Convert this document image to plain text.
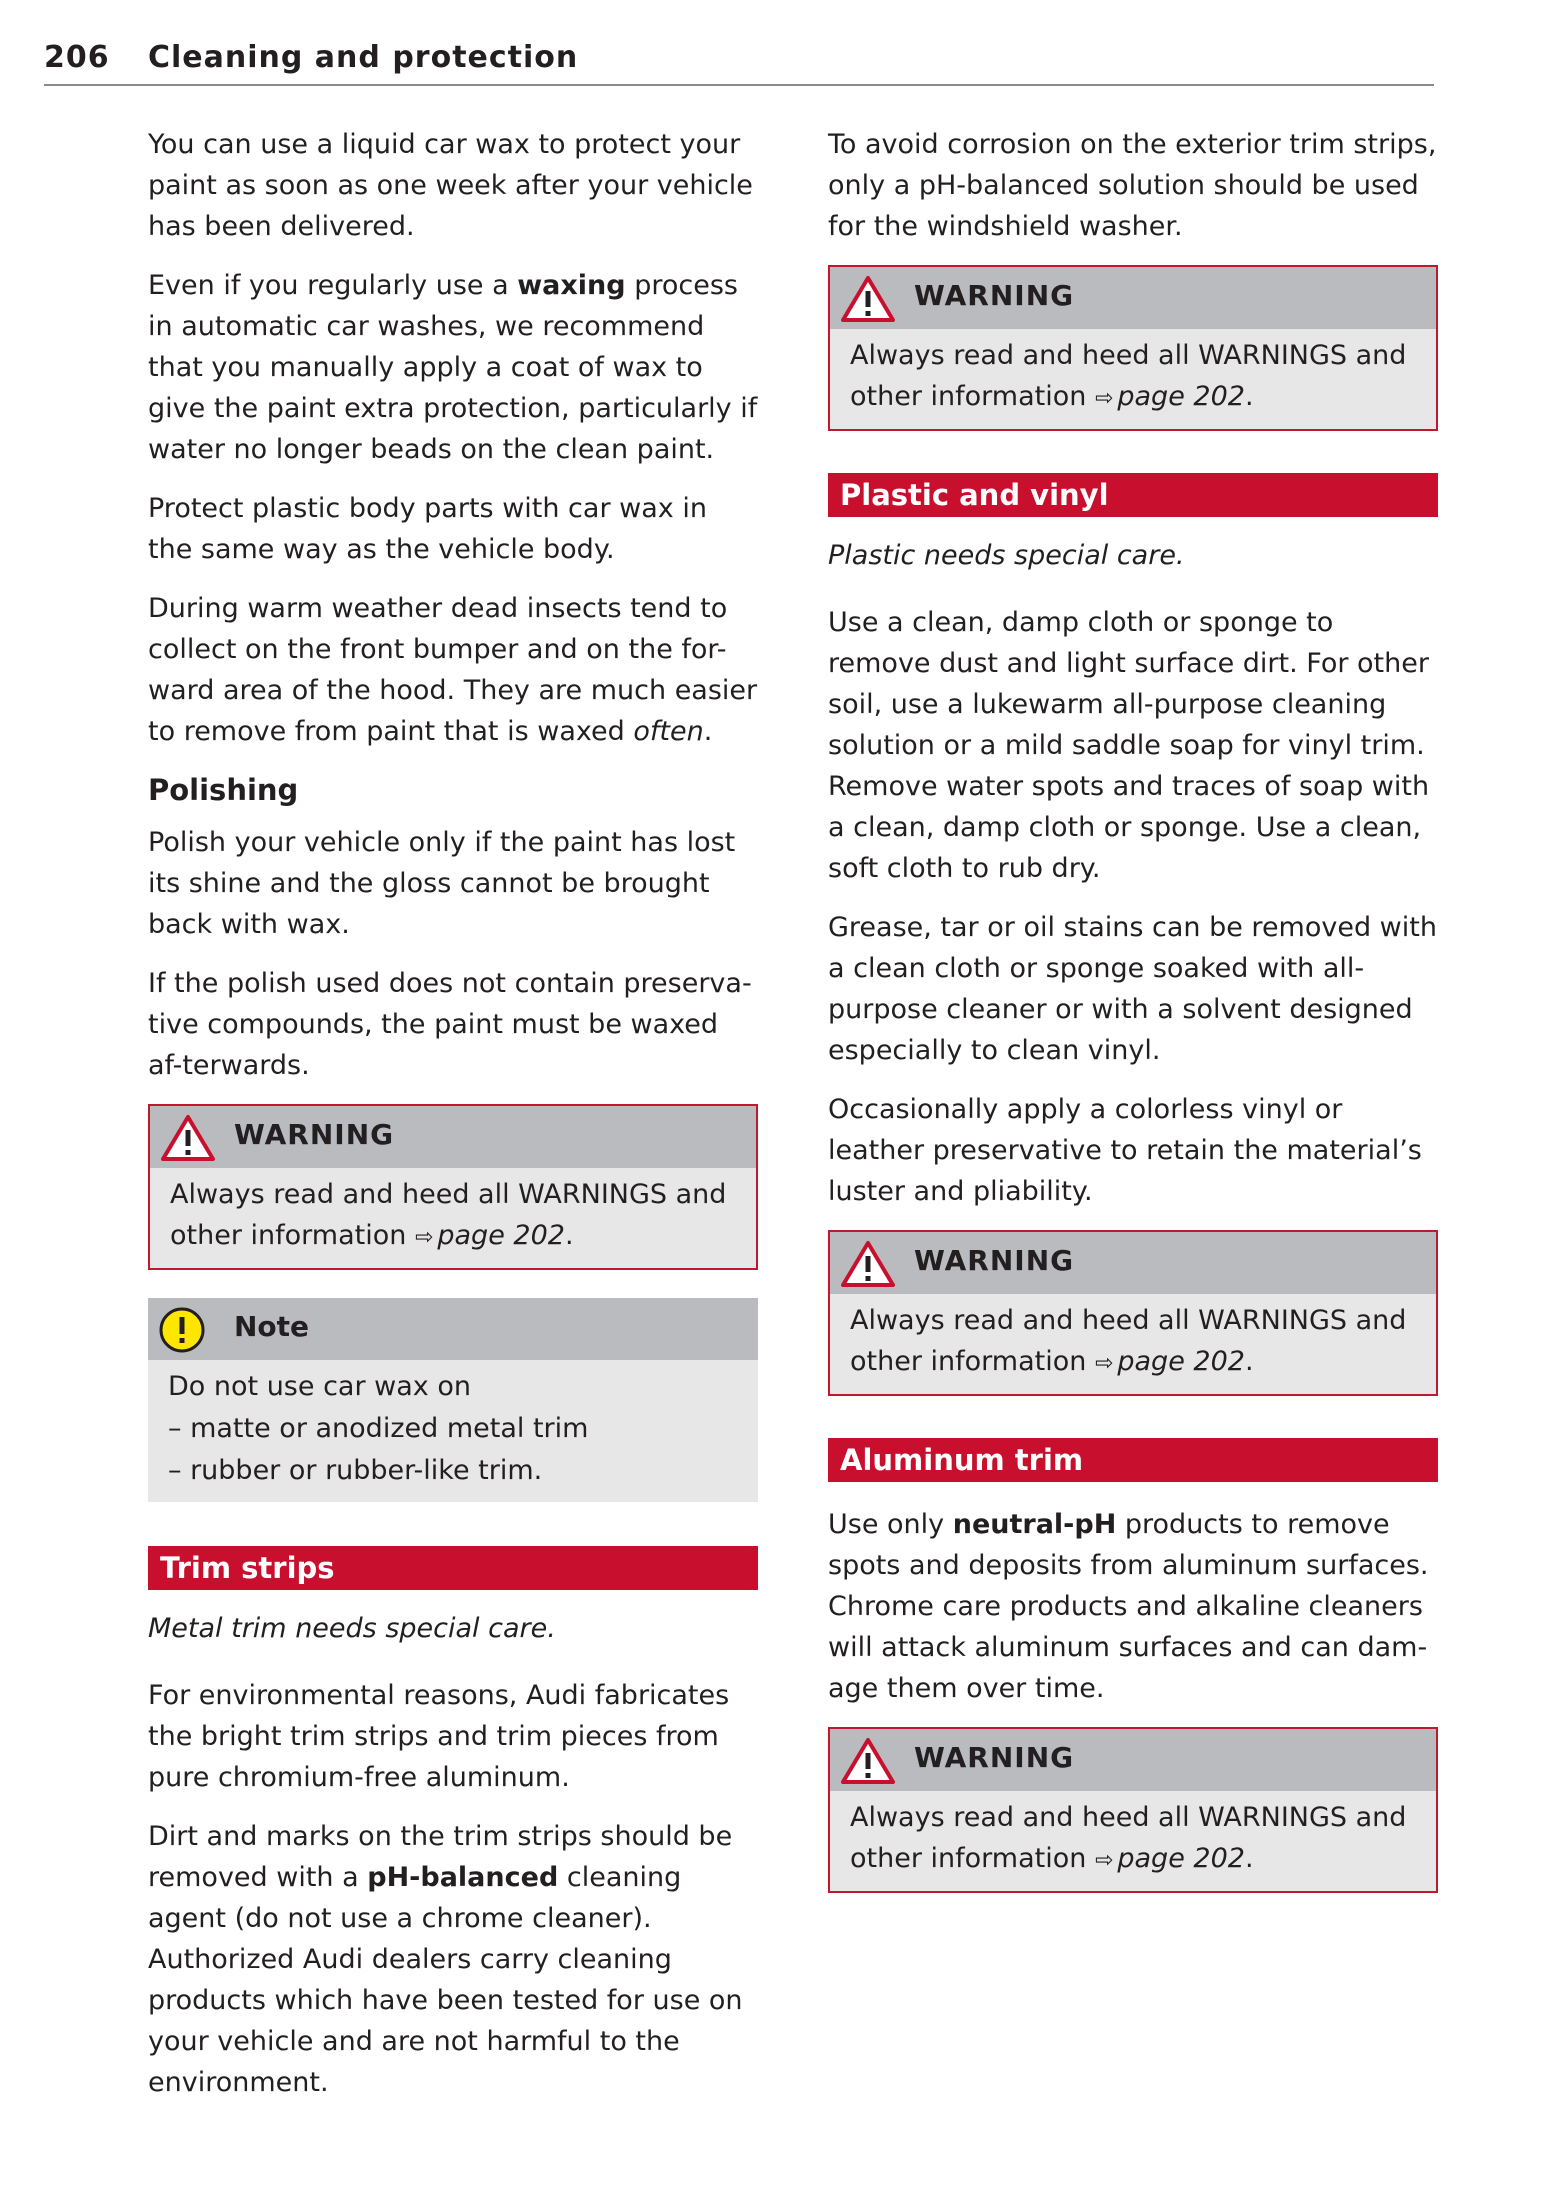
206 Cleaning and protection

You can use a liquid car wax to protect your paint as soon as one week after your vehicle has been delivered.

Even if you regularly use a waxing process in automatic car washes, we recommend that you manually apply a coat of wax to give the paint extra protection, particularly if water no longer beads on the clean paint.

Protect plastic body parts with car wax in the same way as the vehicle body.

During warm weather dead insects tend to collect on the front bumper and on the for-ward area of the hood. They are much easier to remove from paint that is waxed often.

Polishing

Polish your vehicle only if the paint has lost its shine and the gloss cannot be brought back with wax.

If the polish used does not contain preserva-tive compounds, the paint must be waxed af-terwards.

WARNING
Always read and heed all WARNINGS and other information ⇨ page 202.
Note
Do not use car wax on
– matte or anodized metal trim
– rubber or rubber-like trim.
Trim strips

Metal trim needs special care.

For environmental reasons, Audi fabricates the bright trim strips and trim pieces from pure chromium-free aluminum.

Dirt and marks on the trim strips should be removed with a pH-balanced cleaning agent (do not use a chrome cleaner). Authorized Audi dealers carry cleaning products which have been tested for use on your vehicle and are not harmful to the environment.

To avoid corrosion on the exterior trim strips, only a pH-balanced solution should be used for the windshield washer.

WARNING
Always read and heed all WARNINGS and other information ⇨ page 202.
Plastic and vinyl

Plastic needs special care.

Use a clean, damp cloth or sponge to remove dust and light surface dirt. For other soil, use a lukewarm all-purpose cleaning solution or a mild saddle soap for vinyl trim. Remove water spots and traces of soap with a clean, damp cloth or sponge. Use a clean, soft cloth to rub dry.

Grease, tar or oil stains can be removed with a clean cloth or sponge soaked with all-purpose cleaner or with a solvent designed especially to clean vinyl.

Occasionally apply a colorless vinyl or leather preservative to retain the material’s luster and pliability.

WARNING
Always read and heed all WARNINGS and other information ⇨ page 202.
Aluminum trim

Use only neutral-pH products to remove spots and deposits from aluminum surfaces. Chrome care products and alkaline cleaners will attack aluminum surfaces and can dam-age them over time.

WARNING
Always read and heed all WARNINGS and other information ⇨ page 202.
